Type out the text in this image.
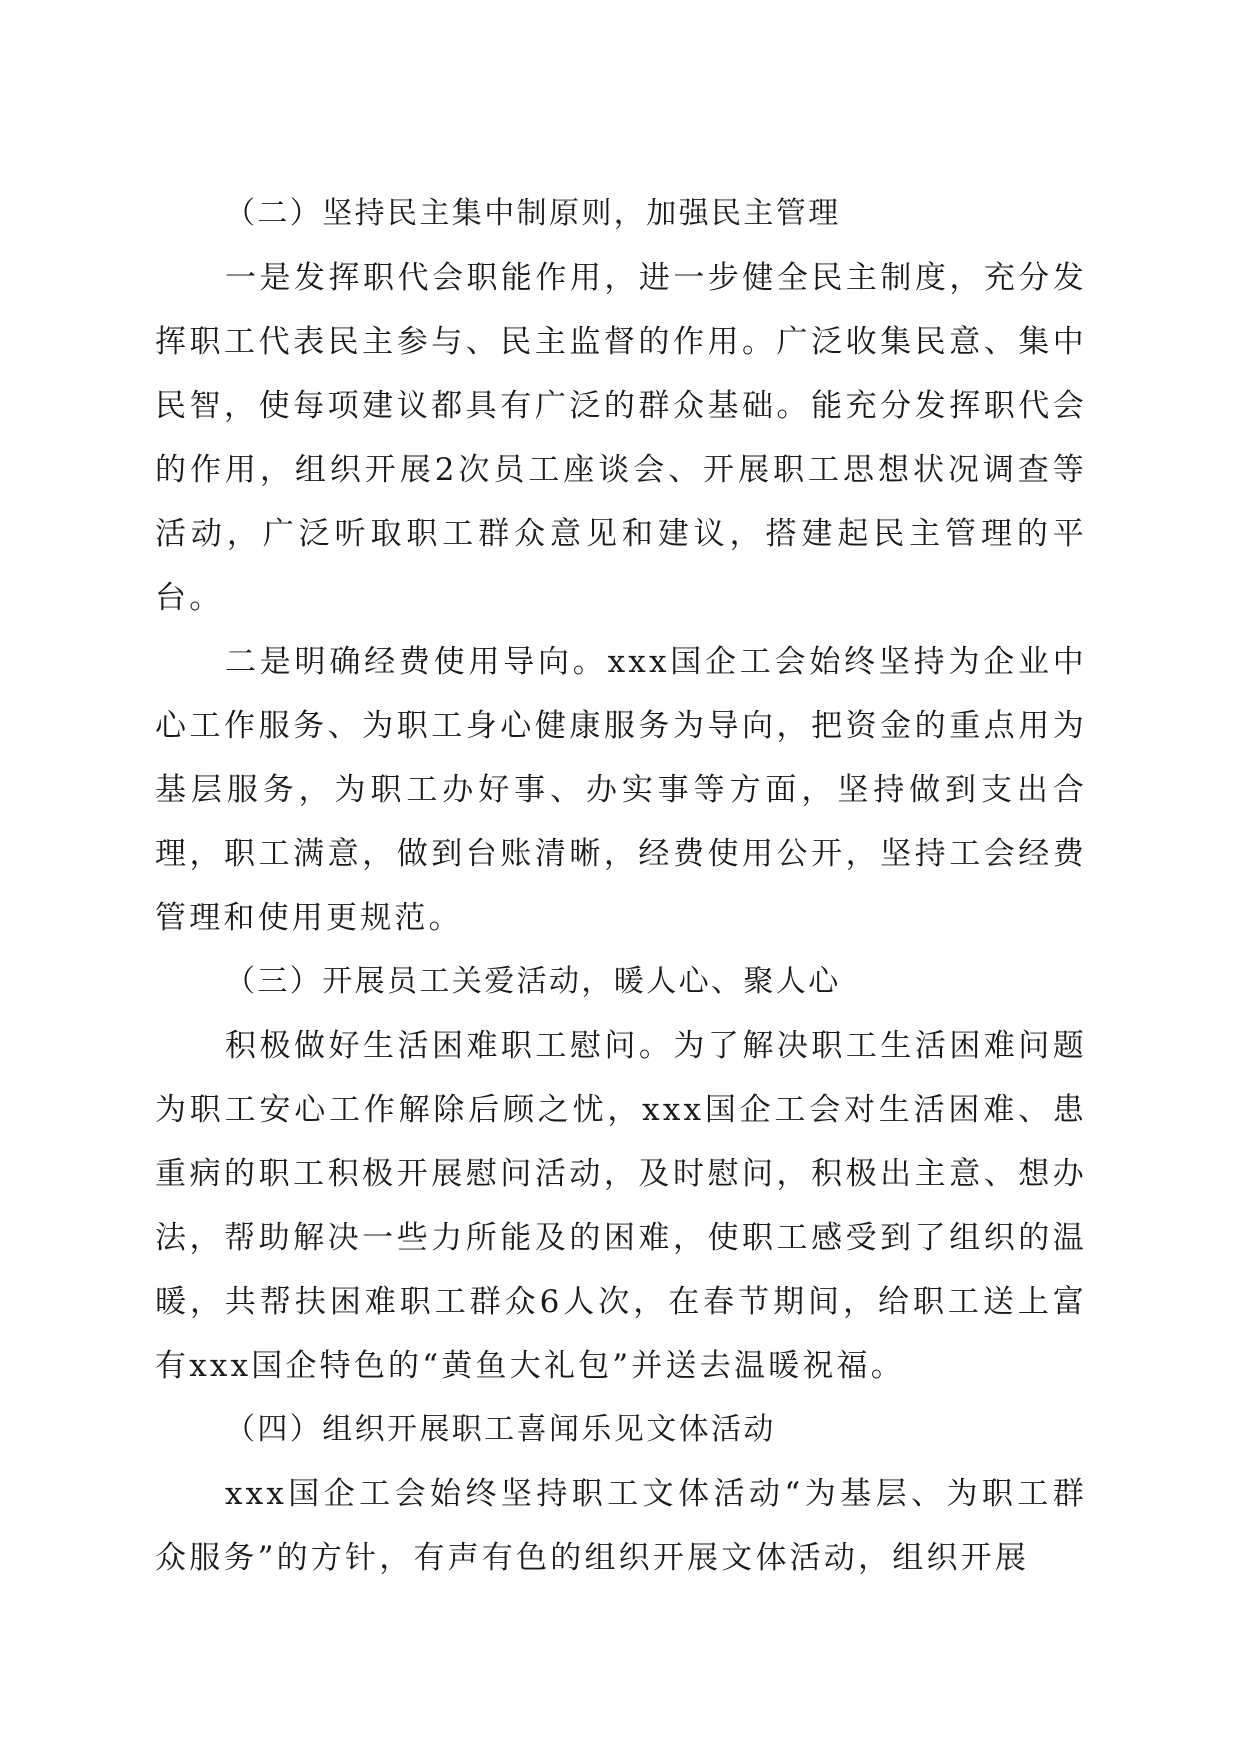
（二）坚持民主集中制原则，加强民主管理

一是发挥职代会职能作用，进一步健全民主制度，充分发挥职工代表民主参与、民主监督的作用。广泛收集民意、集中民智，使每项建议都具有广泛的群众基础。能充分发挥职代会的作用，组织开展2次员工座谈会、开展职工思想状况调查等活动，广泛听取职工群众意见和建议，搭建起民主管理的平台。

二是明确经费使用导向。xxx国企工会始终坚持为企业中心工作服务、为职工身心健康服务为导向，把资金的重点用为基层服务，为职工办好事、办实事等方面，坚持做到支出合理，职工满意，做到台账清晰，经费使用公开，坚持工会经费管理和使用更规范。

（三）开展员工关爱活动，暖人心、聚人心

积极做好生活困难职工慰问。为了解决职工生活困难问题为职工安心工作解除后顾之忧，xxx国企工会对生活困难、患重病的职工积极开展慰问活动，及时慰问，积极出主意、想办法，帮助解决一些力所能及的困难，使职工感受到了组织的温暖，共帮扶困难职工群众6人次，在春节期间，给职工送上富有xxx国企特色的“黄鱼大礼包”并送去温暖祝福。

（四）组织开展职工喜闻乐见文体活动

xxx国企工会始终坚持职工文体活动“为基层、为职工群众服务”的方针，有声有色的组织开展文体活动，组织开展
